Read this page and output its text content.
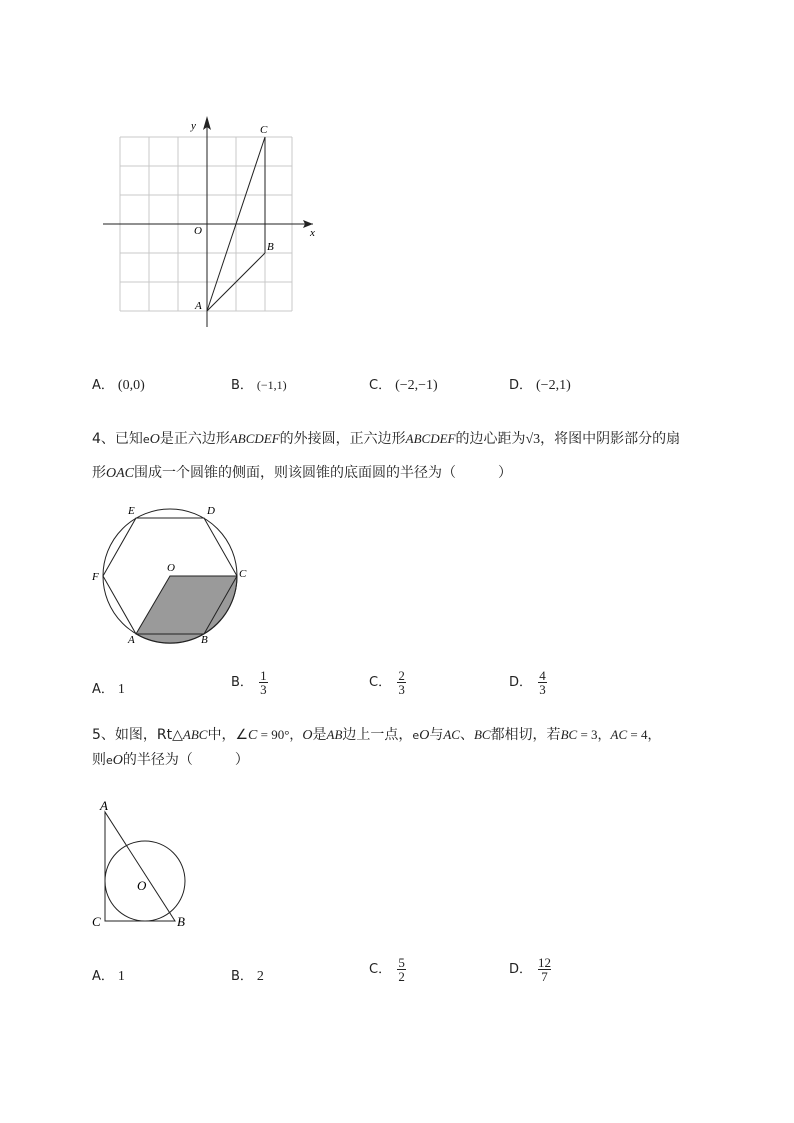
y
x
O
A
B
C
A． (0,0)	B． (−1,1)	C． (−2,−1)	D． (−2,1)
4、已知eO是正六边形ABCDEF的外接圆，正六边形ABCDEF的边心距为√3，将图中阴影部分的扇
形OAC围成一个圆锥的侧面，则该圆锥的底面圆的半径为（　　　）
E	D
F
O	C
A	B
A． 1	B． $\frac{1}{3}$	C． $\frac{2}{3}$	D． $\frac{4}{3}$
5、如图，Rt△ABC中，∠C = 90°，O是AB边上一点，eO与AC、BC都相切，若BC = 3，AC = 4，
则eO的半径为（　　　）
A
C	B
O
A． 1	B． 2	C． $\frac{5}{2}$	D． $\frac{12}{7}$
